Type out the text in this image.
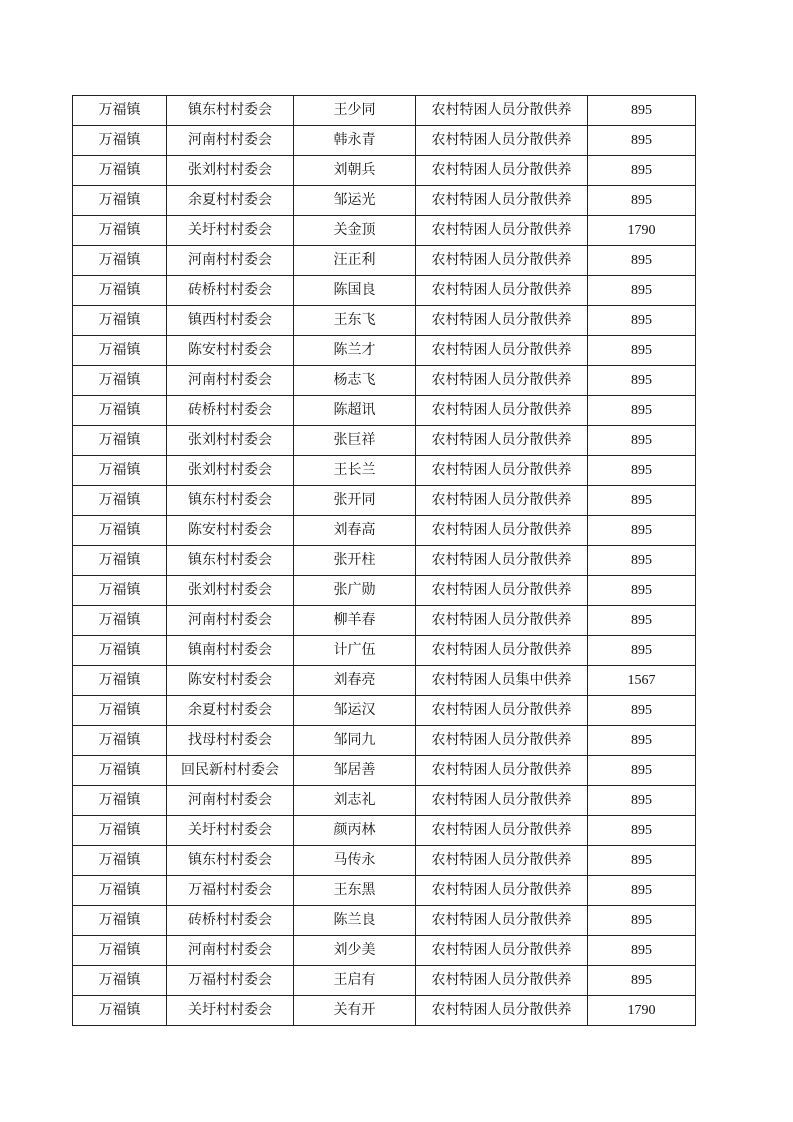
万福镇	镇东村村委会	王少同	农村特困人员分散供养	895
万福镇	河南村村委会	韩永青	农村特困人员分散供养	895
万福镇	张刘村村委会	刘朝兵	农村特困人员分散供养	895
万福镇	余夏村村委会	邹运光	农村特困人员分散供养	895
万福镇	关圩村村委会	关金顶	农村特困人员分散供养	1790
万福镇	河南村村委会	汪正利	农村特困人员分散供养	895
万福镇	砖桥村村委会	陈国良	农村特困人员分散供养	895
万福镇	镇西村村委会	王东飞	农村特困人员分散供养	895
万福镇	陈安村村委会	陈兰才	农村特困人员分散供养	895
万福镇	河南村村委会	杨志飞	农村特困人员分散供养	895
万福镇	砖桥村村委会	陈超讯	农村特困人员分散供养	895
万福镇	张刘村村委会	张巨祥	农村特困人员分散供养	895
万福镇	张刘村村委会	王长兰	农村特困人员分散供养	895
万福镇	镇东村村委会	张开同	农村特困人员分散供养	895
万福镇	陈安村村委会	刘春高	农村特困人员分散供养	895
万福镇	镇东村村委会	张开柱	农村特困人员分散供养	895
万福镇	张刘村村委会	张广勋	农村特困人员分散供养	895
万福镇	河南村村委会	柳羊春	农村特困人员分散供养	895
万福镇	镇南村村委会	计广伍	农村特困人员分散供养	895
万福镇	陈安村村委会	刘春亮	农村特困人员集中供养	1567
万福镇	余夏村村委会	邹运汉	农村特困人员分散供养	895
万福镇	找母村村委会	邹同九	农村特困人员分散供养	895
万福镇	回民新村村委会	邹居善	农村特困人员分散供养	895
万福镇	河南村村委会	刘志礼	农村特困人员分散供养	895
万福镇	关圩村村委会	颜丙林	农村特困人员分散供养	895
万福镇	镇东村村委会	马传永	农村特困人员分散供养	895
万福镇	万福村村委会	王东黑	农村特困人员分散供养	895
万福镇	砖桥村村委会	陈兰良	农村特困人员分散供养	895
万福镇	河南村村委会	刘少美	农村特困人员分散供养	895
万福镇	万福村村委会	王启有	农村特困人员分散供养	895
万福镇	关圩村村委会	关有开	农村特困人员分散供养	1790
